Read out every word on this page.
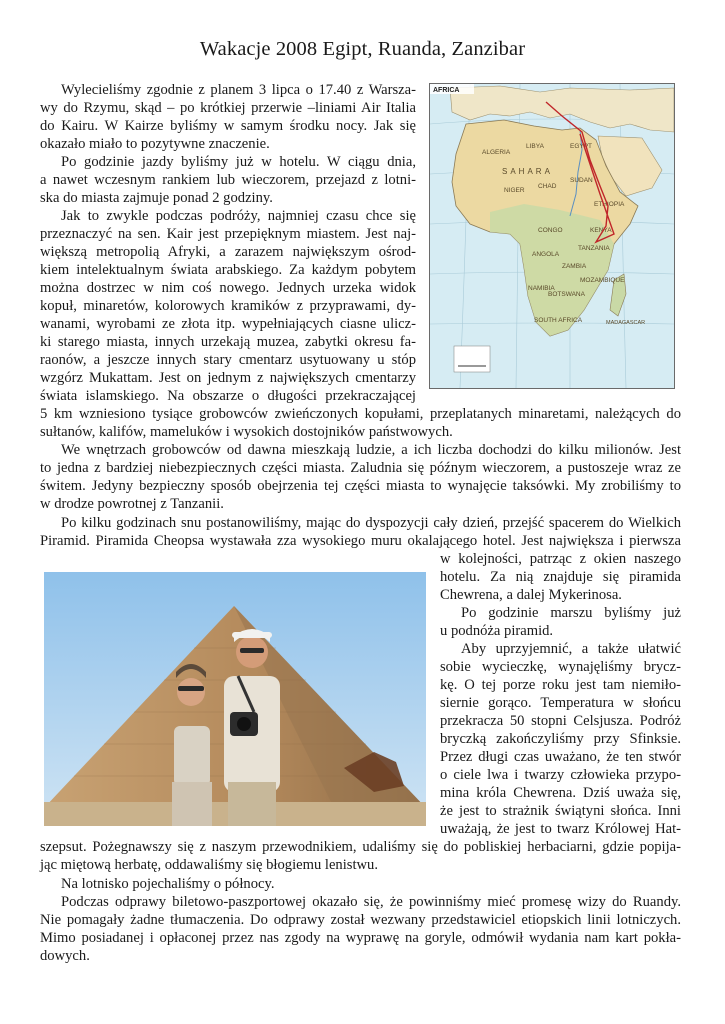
Wakacje 2008 Egipt, Ruanda, Zanzibar

Wylecieliśmy zgodnie z planem 3 lipca o 17.40 z Warsza-

wy do Rzymu, skąd – po krótkiej przerwie –liniami Air Italia

do Kairu. W Kairze byliśmy w samym środku nocy. Jak się

okazało miało to pozytywne znaczenie.

Po godzinie jazdy byliśmy już w hotelu. W ciągu dnia,

a nawet wczesnym rankiem lub wieczorem, przejazd z lotni-

ska do miasta zajmuje ponad 2 godziny.

Jak to zwykle podczas podróży, najmniej czasu chce się

przeznaczyć na sen. Kair jest przepięknym miastem. Jest naj-

większą metropolią Afryki, a zarazem największym ośrod-

kiem intelektualnym świata arabskiego. Za każdym pobytem

można dostrzec w nim coś nowego. Jednych urzeka widok

kopuł, minaretów, kolorowych kramików z przyprawami, dy-

wanami, wyrobami ze złota itp. wypełniających ciasne ulicz-

ki starego miasta, innych urzekają muzea, zabytki okresu fa-

raonów, a jeszcze innych stary cmentarz usytuowany u stóp

wzgórz Mukattam. Jest on jednym z największych cmentarzy

świata islamskiego. Na obszarze o długości przekraczającej

5 km wzniesiono tysiące grobowców zwieńczonych kopułami, przeplatanych minaretami, należących do

sułtanów, kalifów, mameluków i wysokich dostojników państwowych.

We wnętrzach grobowców od dawna mieszkają ludzie, a ich liczba dochodzi do kilku milionów. Jest

to jedna z bardziej niebezpiecznych części miasta. Zaludnia się późnym wieczorem, a pustoszeje wraz ze

świtem. Jedyny bezpieczny sposób obejrzenia tej części miasta to wynajęcie taksówki. My zrobiliśmy to

w drodze powrotnej z Tanzanii.

Po kilku godzinach snu postanowiliśmy, mając do dyspozycji cały dzień, przejść spacerem do Wielkich

Piramid. Piramida Cheopsa wystawała zza wysokiego muru okalającego hotel. Jest największa i pierwsza

w kolejności, patrząc z okien naszego

hotelu. Za nią znajduje się piramida

Chewrena, a dalej Mykerinosa.

Po godzinie marszu byliśmy już

u podnóża piramid.

Aby uprzyjemnić, a także ułatwić

sobie wycieczkę, wynajęliśmy brycz-

kę. O tej porze roku jest tam niemiło-

siernie gorąco. Temperatura w słońcu

przekracza 50 stopni Celsjusza. Podróż

bryczką zakończyliśmy przy Sfinksie.

Przez długi czas uważano, że ten stwór

o ciele lwa i twarzy człowieka przypo-

mina króla Chewrena. Dziś uważa się,

że jest to strażnik świątyni słońca. Inni

uważają, że jest to twarz Królowej Hat-

szepsut. Pożegnawszy się z naszym przewodnikiem, udaliśmy się do pobliskiej herbaciarni, gdzie popija-

jąc miętową herbatę, oddawaliśmy się błogiemu lenistwu.

Na lotnisko pojechaliśmy o północy.

Podczas odprawy biletowo-paszportowej okazało się, że powinniśmy mieć promesę wizy do Ruandy.

Nie pomagały żadne tłumaczenia. Do odprawy został wezwany przedstawiciel etiopskich linii lotniczych.

Mimo posiadanej i opłaconej przez nas zgody na wyprawę na goryle, odmówił wydania nam kart pokła-

dowych.

ALGERIA
LIBYA	EGYPT
SAHARA
CHAD
SUDAN
NIGER
ETHIOPIA
CONGO	KENYA
ANGOLA
TANZANIA
NAMIBIA
ZAMBIA
BOTSWANA
MOZAMBIQUE
SOUTH AFRICA	MADAGASCAR
AFRICA
